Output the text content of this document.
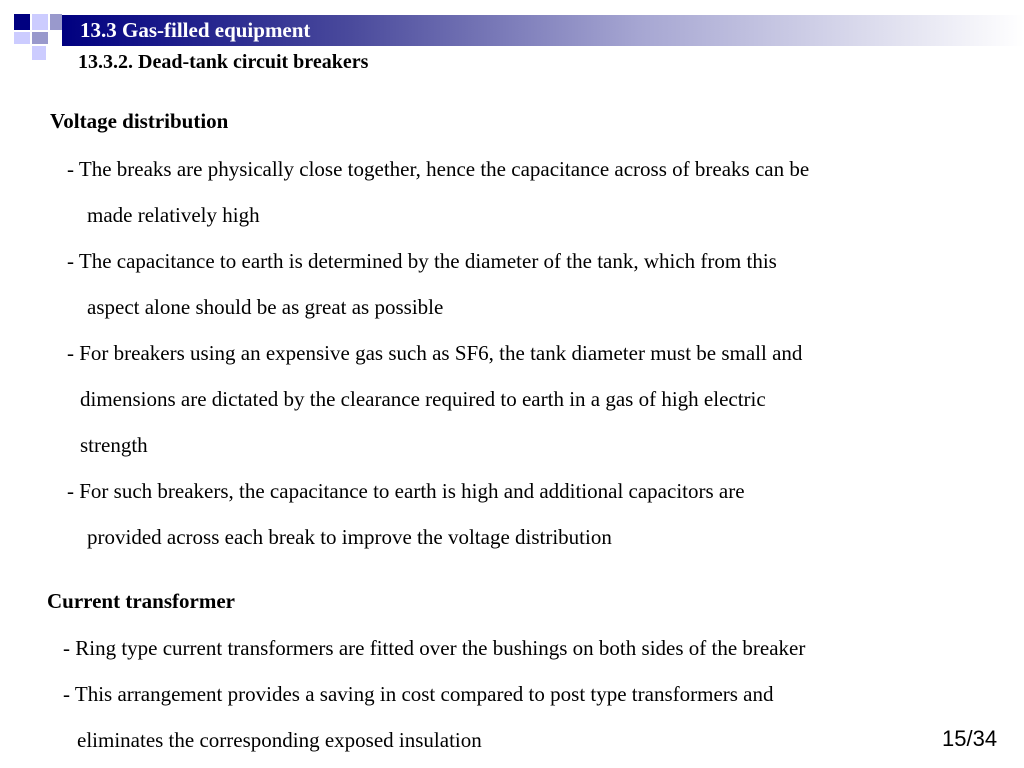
13.3 Gas-filled equipment
13.3.2. Dead-tank circuit breakers
Voltage distribution
- The breaks are physically close together, hence the capacitance across of breaks can be
made relatively high
- The capacitance to earth is determined by the diameter of the tank, which from this
aspect alone should be as great as possible
- For breakers using an expensive gas such as SF6, the tank diameter must be small and
dimensions are dictated by the clearance required to earth in a gas of high electric
strength
- For such breakers, the capacitance to earth is high and additional capacitors are
provided across each break to improve the voltage distribution
Current transformer
- Ring type current transformers are fitted over the bushings on both sides of the breaker
- This arrangement provides a saving in cost compared to post type transformers and
eliminates the corresponding exposed insulation	15/34
